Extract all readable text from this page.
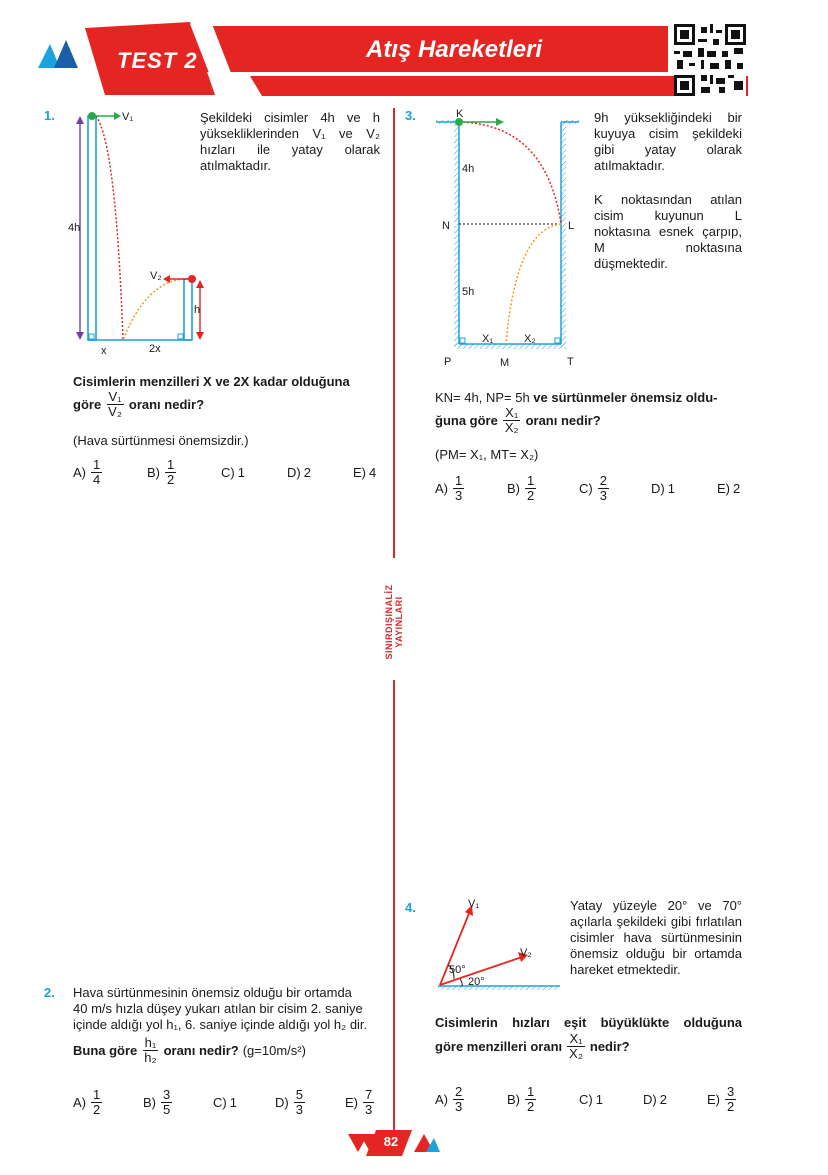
TEST 2	Atış Hareketleri
SINIRDIŞINALİZ YAYINLARI
1.	V₁
4h
V₂
h
x	2x
Şekildeki cisimler 4h ve h yüksekliklerinden V₁ ve V₂ hızları ile yatay olarak atılmaktadır.
Cisimlerin menzilleri X ve 2X kadar olduğuna
göre $\frac{\text{V₁}}{\text{V₂}}$ oranı nedir?
(Hava sürtünmesi önemsizdir.)
$A) \frac{1}{4}$	$B) \frac{1}{2}$	C) 1	D) 2	E) 4
3.	K
4h
N	L
5h
X₁	X₂
P	M	T
9h yüksekliğindeki bir kuyuya cisim şekildeki gibi yatay olarak atılmaktadır.
K noktasından atılan cisim kuyunun L noktasına esnek çarpıp, M noktasına düşmektedir.
KN= 4h, NP= 5h ve sürtünmeler önemsiz oldu-
ğuna göre $\frac{\text{X₁}}{\text{X₂}}$ oranı nedir?
(PM= X₁, MT= X₂)
$A) \frac{1}{3}$	$B) \frac{1}{2}$	$C) \frac{2}{3}$	D) 1	E) 2
2. Hava sürtünmesinin önemsiz olduğu bir ortamda
40 m/s hızla düşey yukarı atılan bir cisim 2. saniye
içinde aldığı yol h₁, 6. saniye içinde aldığı yol h₂ dir.
Buna göre $\frac{\text{h₁}}{\text{h₂}}$ oranı nedir? (g=10m/s²)
$A) \frac{1}{2}$	$B) \frac{3}{5}$	C) 1	$D) \frac{5}{3}$	$E) \frac{7}{3}$
4.	V₁
V₂
50°
20°
Yatay yüzeyle 20° ve 70° açılarla şekildeki gibi fırlatılan cisimler hava sürtünmesinin önemsiz olduğu bir ortamda hareket etmektedir.
Cisimlerin hızları eşit büyüklükte olduğuna
göre menzilleri oranı $\frac{\text{X₁}}{\text{X₂}}$ nedir?
$A) \frac{2}{3}$	$B) \frac{1}{2}$	C) 1	D) 2	$E) \frac{3}{2}$
82
